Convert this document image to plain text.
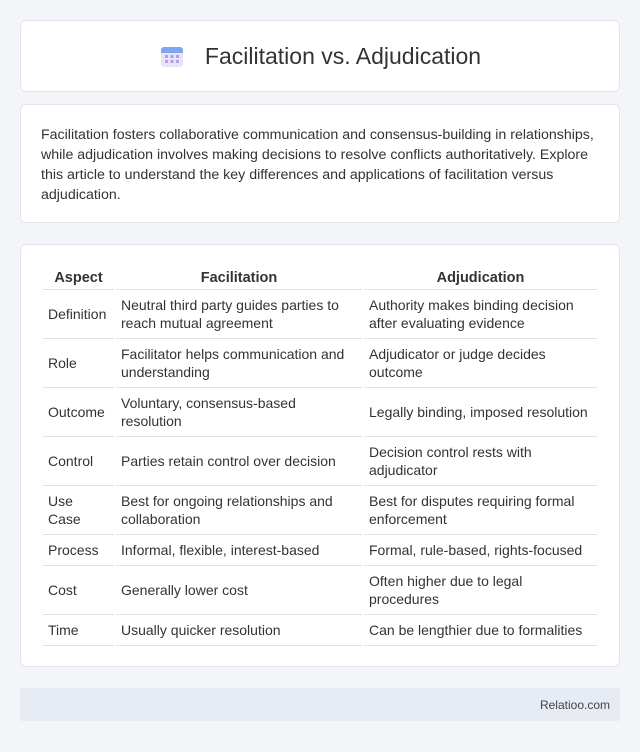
Facilitation vs. Adjudication

Facilitation fosters collaborative communication and consensus-building in relationships, while adjudication involves making decisions to resolve conflicts authoritatively. Explore this article to understand the key differences and applications of facilitation versus adjudication.

Aspect	Facilitation	Adjudication
Definition	Neutral third party guides parties to reach mutual agreement	Authority makes binding decision after evaluating evidence
Role	Facilitator helps communication and understanding	Adjudicator or judge decides outcome
Outcome	Voluntary, consensus-based resolution	Legally binding, imposed resolution
Control	Parties retain control over decision	Decision control rests with adjudicator
Use Case	Best for ongoing relationships and collaboration	Best for disputes requiring formal enforcement
Process	Informal, flexible, interest-based	Formal, rule-based, rights-focused
Cost	Generally lower cost	Often higher due to legal procedures
Time	Usually quicker resolution	Can be lengthier due to formalities
Relatioo.com
